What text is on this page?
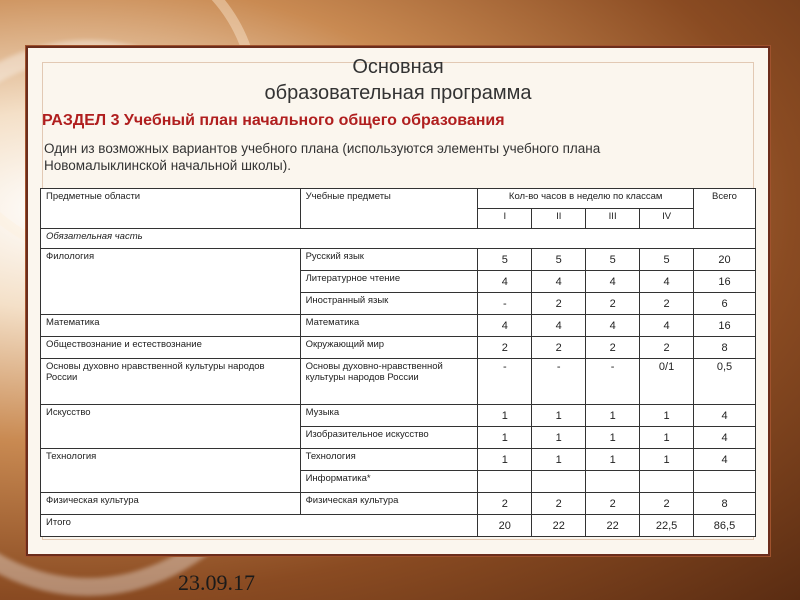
Основная
образовательная программа
РАЗДЕЛ 3 Учебный план начального общего образования
Один из возможных вариантов учебного плана (используются элементы учебного плана Новомалыклинской начальной школы).
Предметные области	Учебные предметы	Кол-во часов в неделю по классам				Всего
		I	II	III	IV	
Обязательная часть						
Филология	Русский язык	5	5	5	5	20
	Литературное чтение	4	4	4	4	16
	Иностранный язык	-	2	2	2	6
Математика	Математика	4	4	4	4	16
Обществознание и естествознание	Окружающий мир	2	2	2	2	8
Основы духовно нравственной культуры народов России	Основы духовно-нравственной культуры народов России	-	-	-	0/1	0,5
Искусство	Музыка	1	1	1	1	4
	Изобразительное искусство	1	1	1	1	4
Технология	Технология	1	1	1	1	4
	Информатика*					
Физическая культура	Физическая культура	2	2	2	2	8
Итого		20	22	22	22,5	86,5
23.09.17
